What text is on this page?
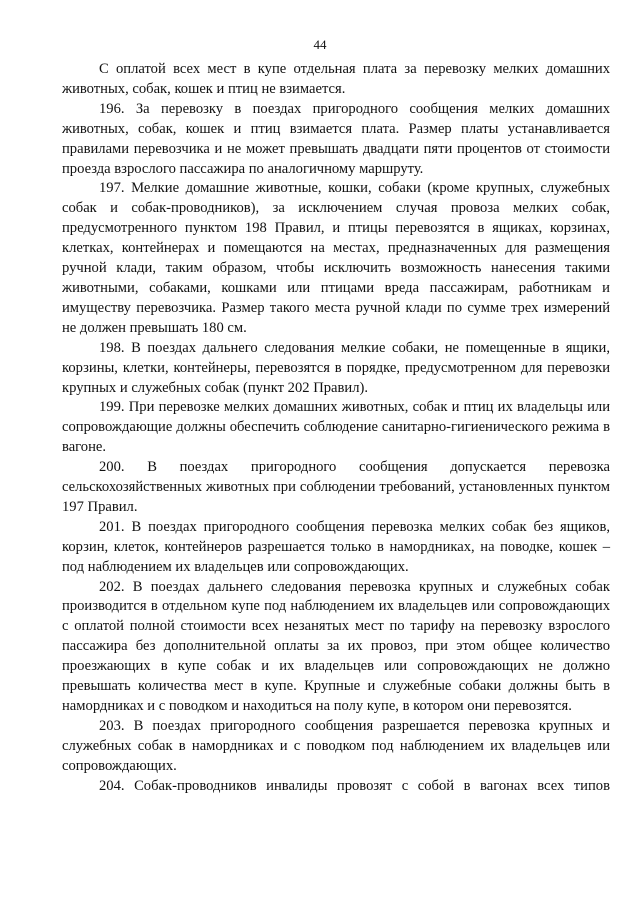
44

С оплатой всех мест в купе отдельная плата за перевозку мелких домашних животных, собак, кошек и птиц не взимается.

196. За перевозку в поездах пригородного сообщения мелких домашних животных, собак, кошек и птиц взимается плата. Размер платы устанавливается правилами перевозчика и не может превышать двадцати пяти процентов от стоимости проезда взрослого пассажира по аналогичному маршруту.

197. Мелкие домашние животные, кошки, собаки (кроме крупных, служебных собак и собак-проводников), за исключением случая провоза мелких собак, предусмотренного пунктом 198 Правил, и птицы перевозятся в ящиках, корзинах, клетках, контейнерах и помещаются на местах, предназначенных для размещения ручной клади, таким образом, чтобы исключить возможность нанесения такими животными, собаками, кошками или птицами вреда пассажирам, работникам и имуществу перевозчика. Размер такого места ручной клади по сумме трех измерений не должен превышать 180 см.

198. В поездах дальнего следования мелкие собаки, не помещенные в ящики, корзины, клетки, контейнеры, перевозятся в порядке, предусмотренном для перевозки крупных и служебных собак (пункт 202 Правил).

199. При перевозке мелких домашних животных, собак и птиц их владельцы или сопровождающие должны обеспечить соблюдение санитарно-гигиенического режима в вагоне.

200. В поездах пригородного сообщения допускается перевозка сельскохозяйственных животных при соблюдении требований, установленных пунктом 197 Правил.

201. В поездах пригородного сообщения перевозка мелких собак без ящиков, корзин, клеток, контейнеров разрешается только в намордниках, на поводке, кошек – под наблюдением их владельцев или сопровождающих.

202. В поездах дальнего следования перевозка крупных и служебных собак производится в отдельном купе под наблюдением их владельцев или сопровождающих с оплатой полной стоимости всех незанятых мест по тарифу на перевозку взрослого пассажира без дополнительной оплаты за их провоз, при этом общее количество проезжающих в купе собак и их владельцев или сопровождающих не должно превышать количества мест в купе. Крупные и служебные собаки должны быть в намордниках и с поводком и находиться на полу купе, в котором они перевозятся.

203. В поездах пригородного сообщения разрешается перевозка крупных и служебных собак в намордниках и с поводком под наблюдением их владельцев или сопровождающих.

204. Собак-проводников инвалиды провозят с собой в вагонах всех типов
